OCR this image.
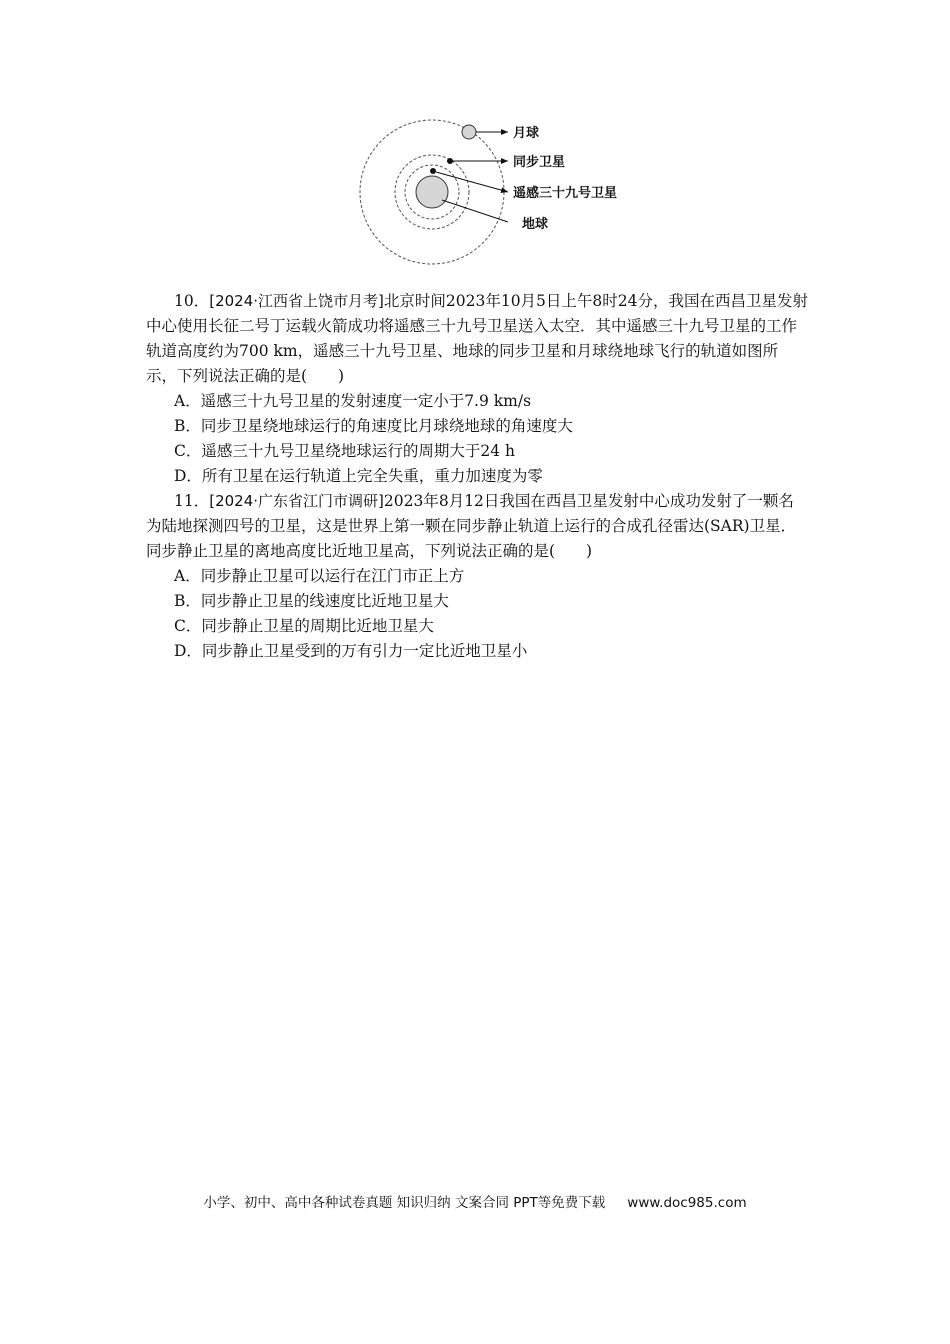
月球
同步卫星
遥感三十九号卫星
地球

10．[2024·江西省上饶市月考]北京时间2023年10月5日上午8时24分，我国在西昌卫星发射中心使用长征二号丁运载火箭成功将遥感三十九号卫星送入太空．其中遥感三十九号卫星的工作轨道高度约为700 km，遥感三十九号卫星、地球的同步卫星和月球绕地球飞行的轨道如图所示，下列说法正确的是(　　)

A．遥感三十九号卫星的发射速度一定小于7.9 km/s

B．同步卫星绕地球运行的角速度比月球绕地球的角速度大

C．遥感三十九号卫星绕地球运行的周期大于24 h

D．所有卫星在运行轨道上完全失重，重力加速度为零

11．[2024·广东省江门市调研]2023年8月12日我国在西昌卫星发射中心成功发射了一颗名为陆地探测四号的卫星，这是世界上第一颗在同步静止轨道上运行的合成孔径雷达(SAR)卫星．同步静止卫星的离地高度比近地卫星高，下列说法正确的是(　　)

A．同步静止卫星可以运行在江门市正上方

B．同步静止卫星的线速度比近地卫星大

C．同步静止卫星的周期比近地卫星大

D．同步静止卫星受到的万有引力一定比近地卫星小

小学、初中、高中各种试卷真题 知识归纳 文案合同 PPT等免费下载 www.doc985.com
